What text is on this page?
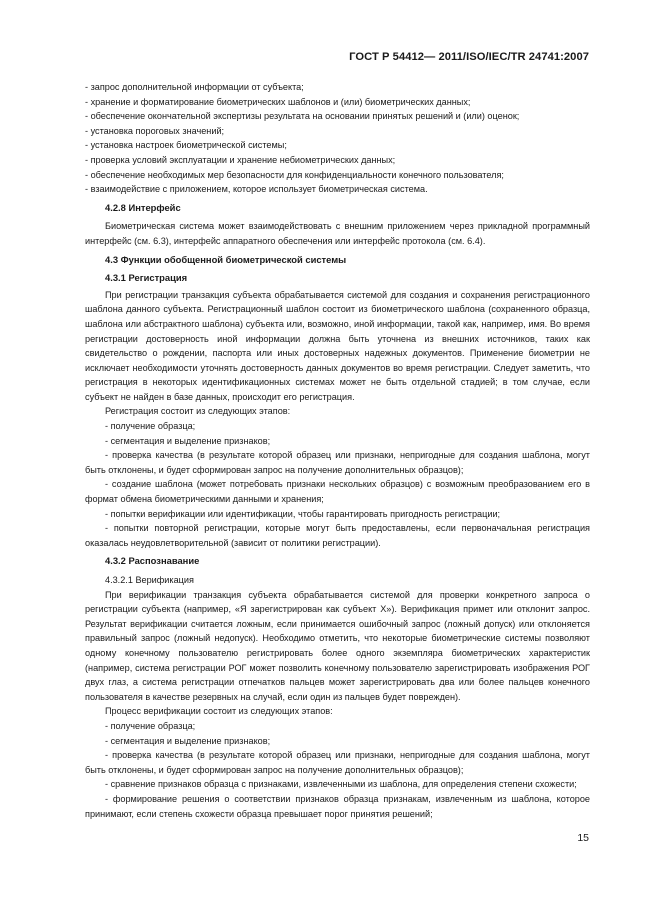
ГОСТ Р 54412— 2011/ISO/IEC/TR 24741:2007

- запрос дополнительной информации от субъекта;

- хранение и форматирование биометрических шаблонов и (или) биометрических данных;

- обеспечение окончательной экспертизы результата на основании принятых решений и (или) оценок;

- установка пороговых значений;

- установка настроек биометрической системы;

- проверка условий эксплуатации и хранение небиометрических данных;

- обеспечение необходимых мер безопасности для конфиденциальности конечного пользователя;

- взаимодействие с приложением, которое использует биометрическая система.

4.2.8 Интерфейс

Биометрическая система может взаимодействовать с внешним приложением через прикладной программный интерфейс (см. 6.3), интерфейс аппаратного обеспечения или интерфейс протокола (см. 6.4).

4.3 Функции обобщенной биометрической системы
4.3.1 Регистрация

При регистрации транзакция субъекта обрабатывается системой для создания и сохранения регистрационного шаблона данного субъекта. Регистрационный шаблон состоит из биометрического шаблона (сохраненного образца, шаблона или абстрактного шаблона) субъекта или, возможно, иной информации, такой как, например, имя. Во время регистрации достоверность иной информации должна быть уточнена из внешних источников, таких как свидетельство о рождении, паспорта или иных достоверных надежных документов. Применение биометрии не исключает необходимости уточнять достоверность данных документов во время регистрации. Следует заметить, что регистрация в некоторых идентификационных системах может не быть отдельной стадией; в том случае, если субъект не найден в базе данных, происходит его регистрация.

Регистрация состоит из следующих этапов:

- получение образца;

- сегментация и выделение признаков;

- проверка качества (в результате которой образец или признаки, непригодные для создания шаблона, могут быть отклонены, и будет сформирован запрос на получение дополнительных образцов);

- создание шаблона (может потребовать признаки нескольких образцов) с возможным преобразованием его в формат обмена биометрическими данными и хранения;

- попытки верификации или идентификации, чтобы гарантировать пригодность регистрации;

- попытки повторной регистрации, которые могут быть предоставлены, если первоначальная регистрация оказалась неудовлетворительной (зависит от политики регистрации).

4.3.2 Распознавание

4.3.2.1 Верификация

При верификации транзакция субъекта обрабатывается системой для проверки конкретного запроса о регистрации субъекта (например, «Я зарегистрирован как субъект X»). Верификация примет или отклонит запрос. Результат верификации считается ложным, если принимается ошибочный запрос (ложный допуск) или отклоняется правильный запрос (ложный недопуск). Необходимо отметить, что некоторые биометрические системы позволяют одному конечному пользователю регистрировать более одного экземпляра биометрических характеристик (например, система регистрации РОГ может позволить конечному пользователю зарегистрировать изображения РОГ двух глаз, а система регистрации отпечатков пальцев может зарегистрировать два или более пальцев конечного пользователя в качестве резервных на случай, если один из пальцев будет поврежден).

Процесс верификации состоит из следующих этапов:

- получение образца;

- сегментация и выделение признаков;

- проверка качества (в результате которой образец или признаки, непригодные для создания шаблона, могут быть отклонены, и будет сформирован запрос на получение дополнительных образцов);

- сравнение признаков образца с признаками, извлеченными из шаблона, для определения степени схожести;

- формирование решения о соответствии признаков образца признакам, извлеченным из шаблона, которое принимают, если степень схожести образца превышает порог принятия решений;

15
